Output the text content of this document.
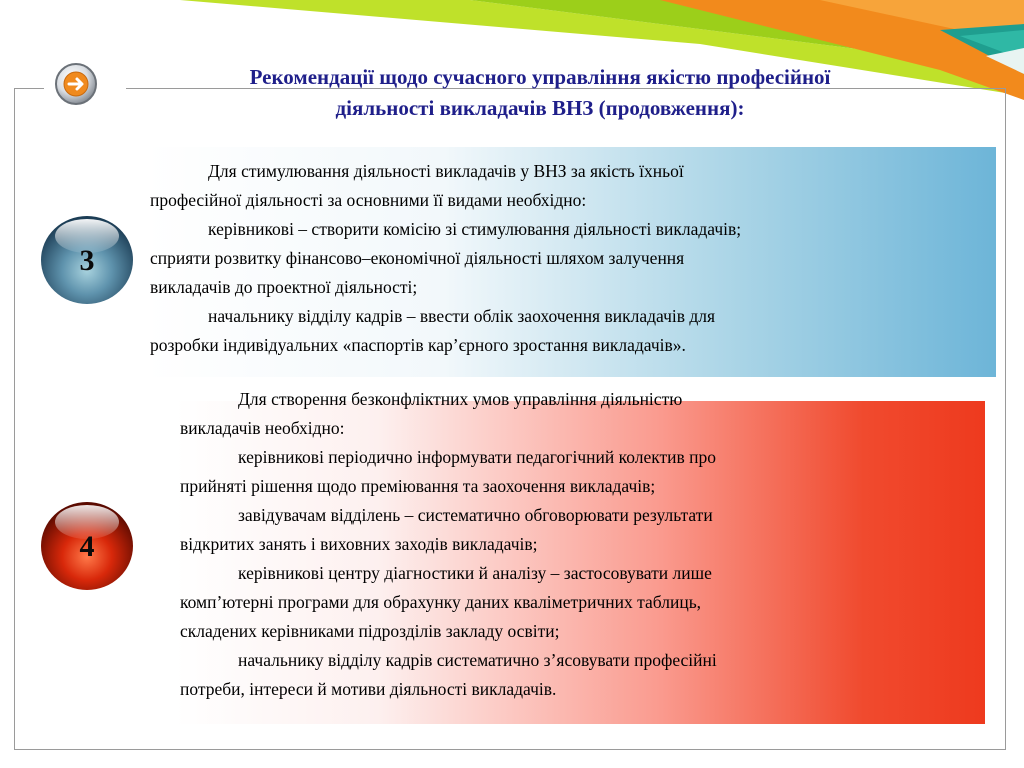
Рекомендації щодо сучасного управління якістю професійної
діяльності викладачів ВНЗ (продовження):
Для стимулювання діяльності викладачів у ВНЗ за якість їхньої
професійної діяльності за основними її видами необхідно:
керівникові – створити комісію зі стимулювання діяльності викладачів;
сприяти розвитку фінансово–економічної діяльності шляхом залучення
викладачів до проектної діяльності;
начальнику відділу кадрів – ввести облік заохочення викладачів для
розробки індивідуальних «паспортів кар’єрного зростання викладачів».
3
Для створення безконфліктних умов управління діяльністю
викладачів необхідно:
керівникові періодично інформувати педагогічний колектив про
прийняті рішення щодо преміювання та заохочення викладачів;
завідувачам відділень – систематично обговорювати результати
відкритих занять і виховних заходів викладачів;
керівникові центру діагностики й аналізу – застосовувати лише
комп’ютерні програми для обрахунку даних кваліметричних таблиць,
складених керівниками підрозділів закладу освіти;
начальнику відділу кадрів систематично з’ясовувати професійні
потреби, інтереси й мотиви діяльності викладачів.
4
